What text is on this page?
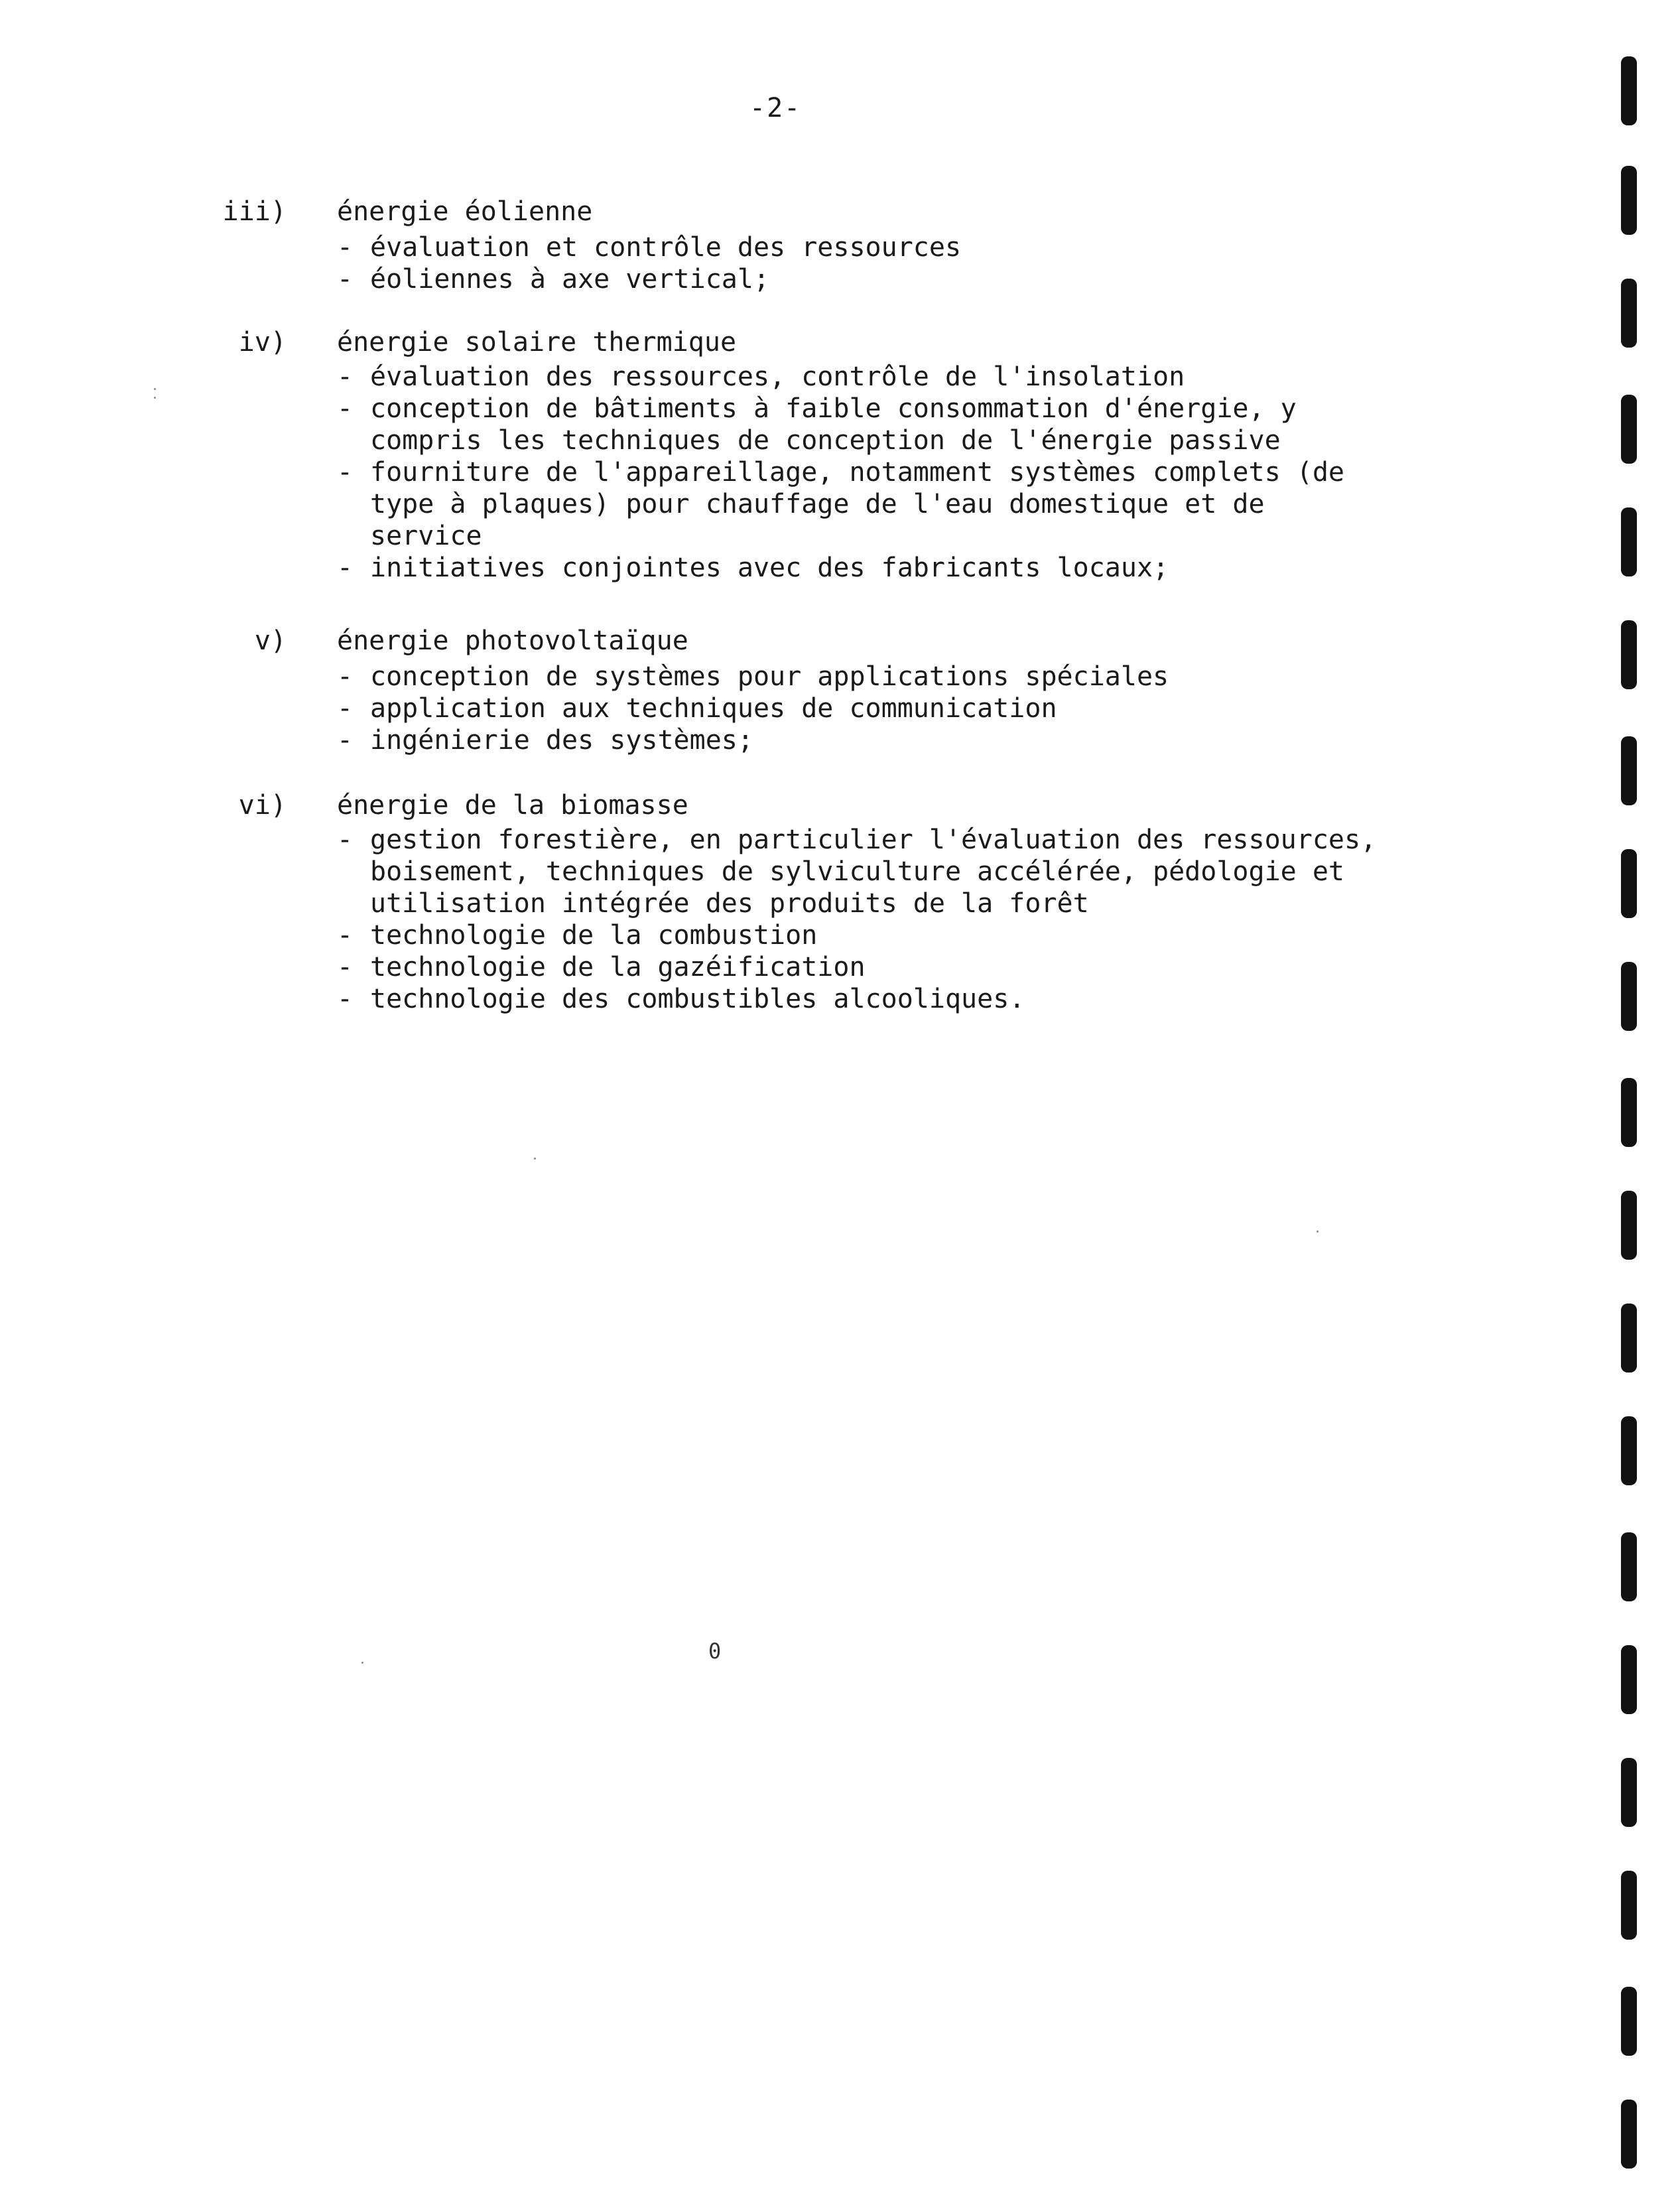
-2-
iii) énergie éolienne
- évaluation et contrôle des ressources
- éoliennes à axe vertical;
iv) énergie solaire thermique
- évaluation des ressources, contrôle de l'insolation
- conception de bâtiments à faible consommation d'énergie, y
compris les techniques de conception de l'énergie passive
- fourniture de l'appareillage, notamment systèmes complets (de
type à plaques) pour chauffage de l'eau domestique et de
service
- initiatives conjointes avec des fabricants locaux;
v) énergie photovoltaïque
- conception de systèmes pour applications spéciales
- application aux techniques de communication
- ingénierie des systèmes;
vi) énergie de la biomasse
- gestion forestière, en particulier l'évaluation des ressources,
boisement, techniques de sylviculture accélérée, pédologie et
utilisation intégrée des produits de la forêt
- technologie de la combustion
- technologie de la gazéification
- technologie des combustibles alcooliques.
0
